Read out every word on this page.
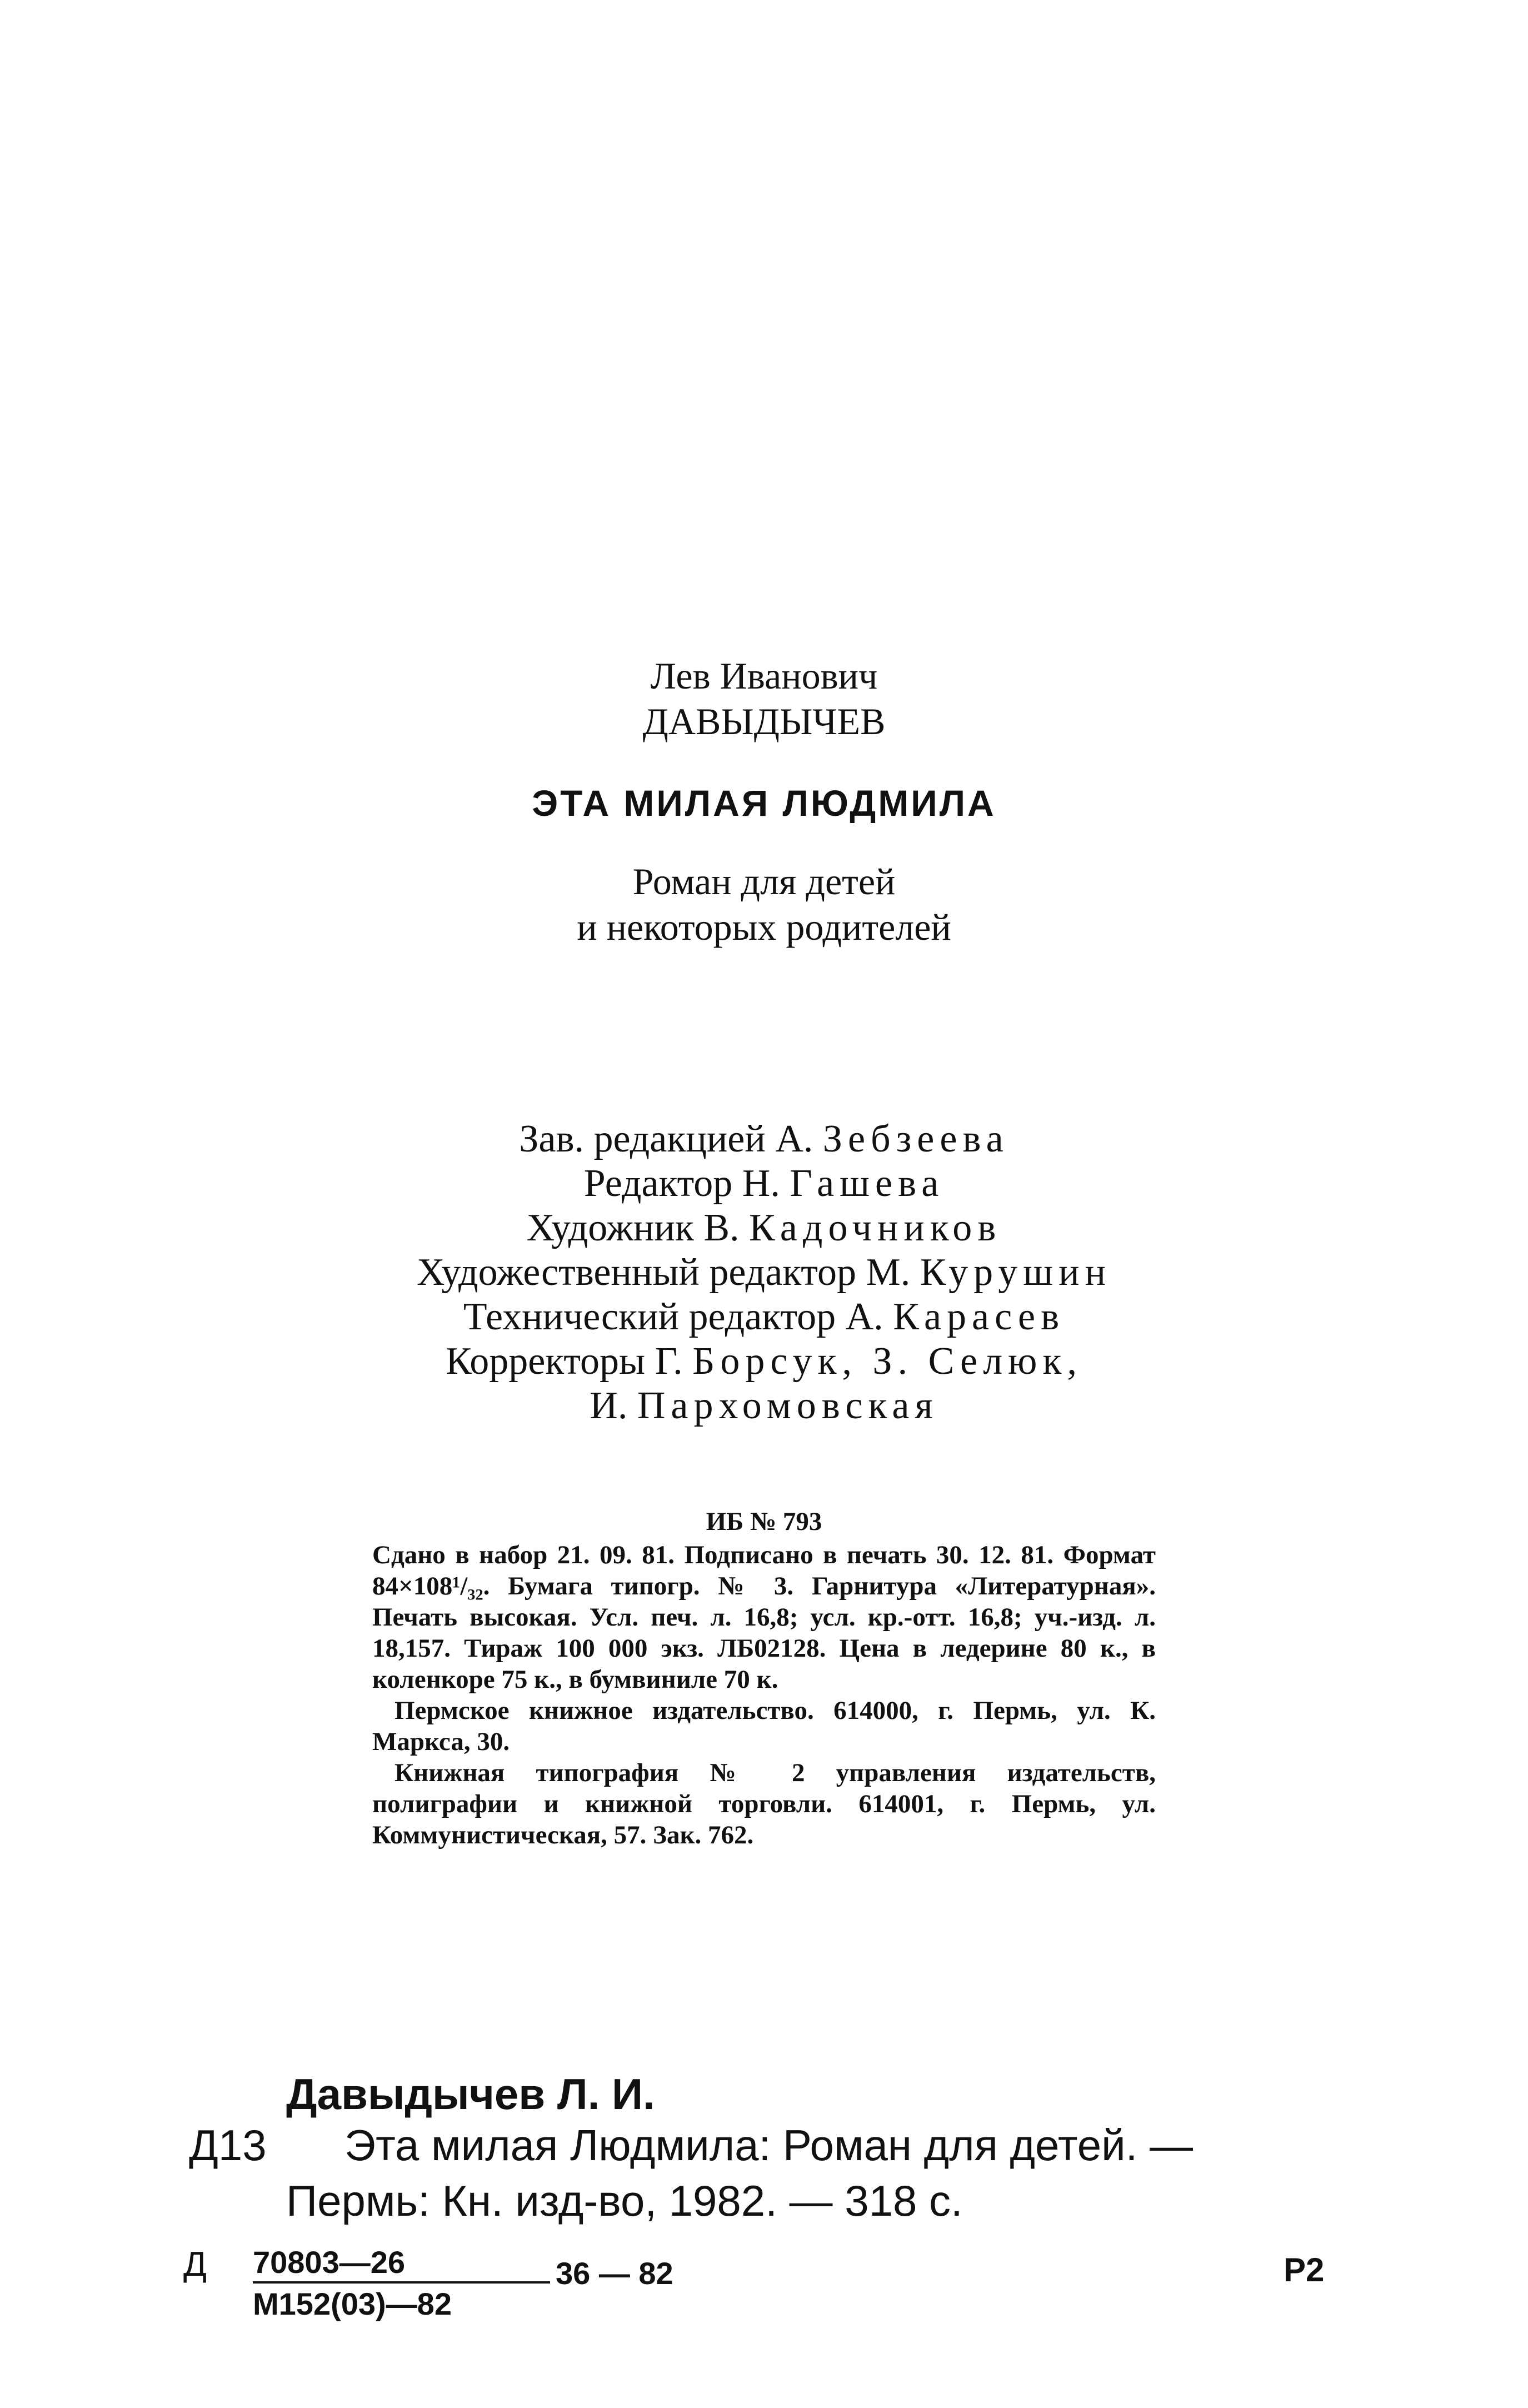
Лев Иванович
ДАВЫДЫЧЕВ
ЭТА МИЛАЯ ЛЮДМИЛА
Роман для детей
и некоторых родителей
Зав. редакцией А. Зебзеева
Редактор Н. Гашева
Художник В. Кадочников
Художественный редактор М. Курушин
Технический редактор А. Карасев
Корректоры Г. Борсук, З. Селюк,
И. Пархомовская
ИБ № 793
Сдано в набор 21. 09. 81. Подписано в печать 30. 12. 81. Формат 84×108¹/₃₂. Бумага типогр. № 3. Гарнитура «Литературная». Печать высокая. Усл. печ. л. 16,8; усл. кр.-отт. 16,8; уч.-изд. л. 18,157. Тираж 100 000 экз. ЛБ02128. Цена в ледерине 80 к., в коленкоре 75 к., в бумвиниле 70 к.
Пермское книжное издательство. 614000, г. Пермь, ул. К. Маркса, 30.
Книжная типография № 2 управления издательств, полиграфии и книжной торговли. 614001, г. Пермь, ул. Коммунистическая, 57. Зак. 762.
Давыдычев Л. И.
Д13 Эта милая Людмила: Роман для детей. —
Пермь: Кн. изд-во, 1982. — 318 с.
Д 70803—26
М152(03)—82
36 — 82	Р2
